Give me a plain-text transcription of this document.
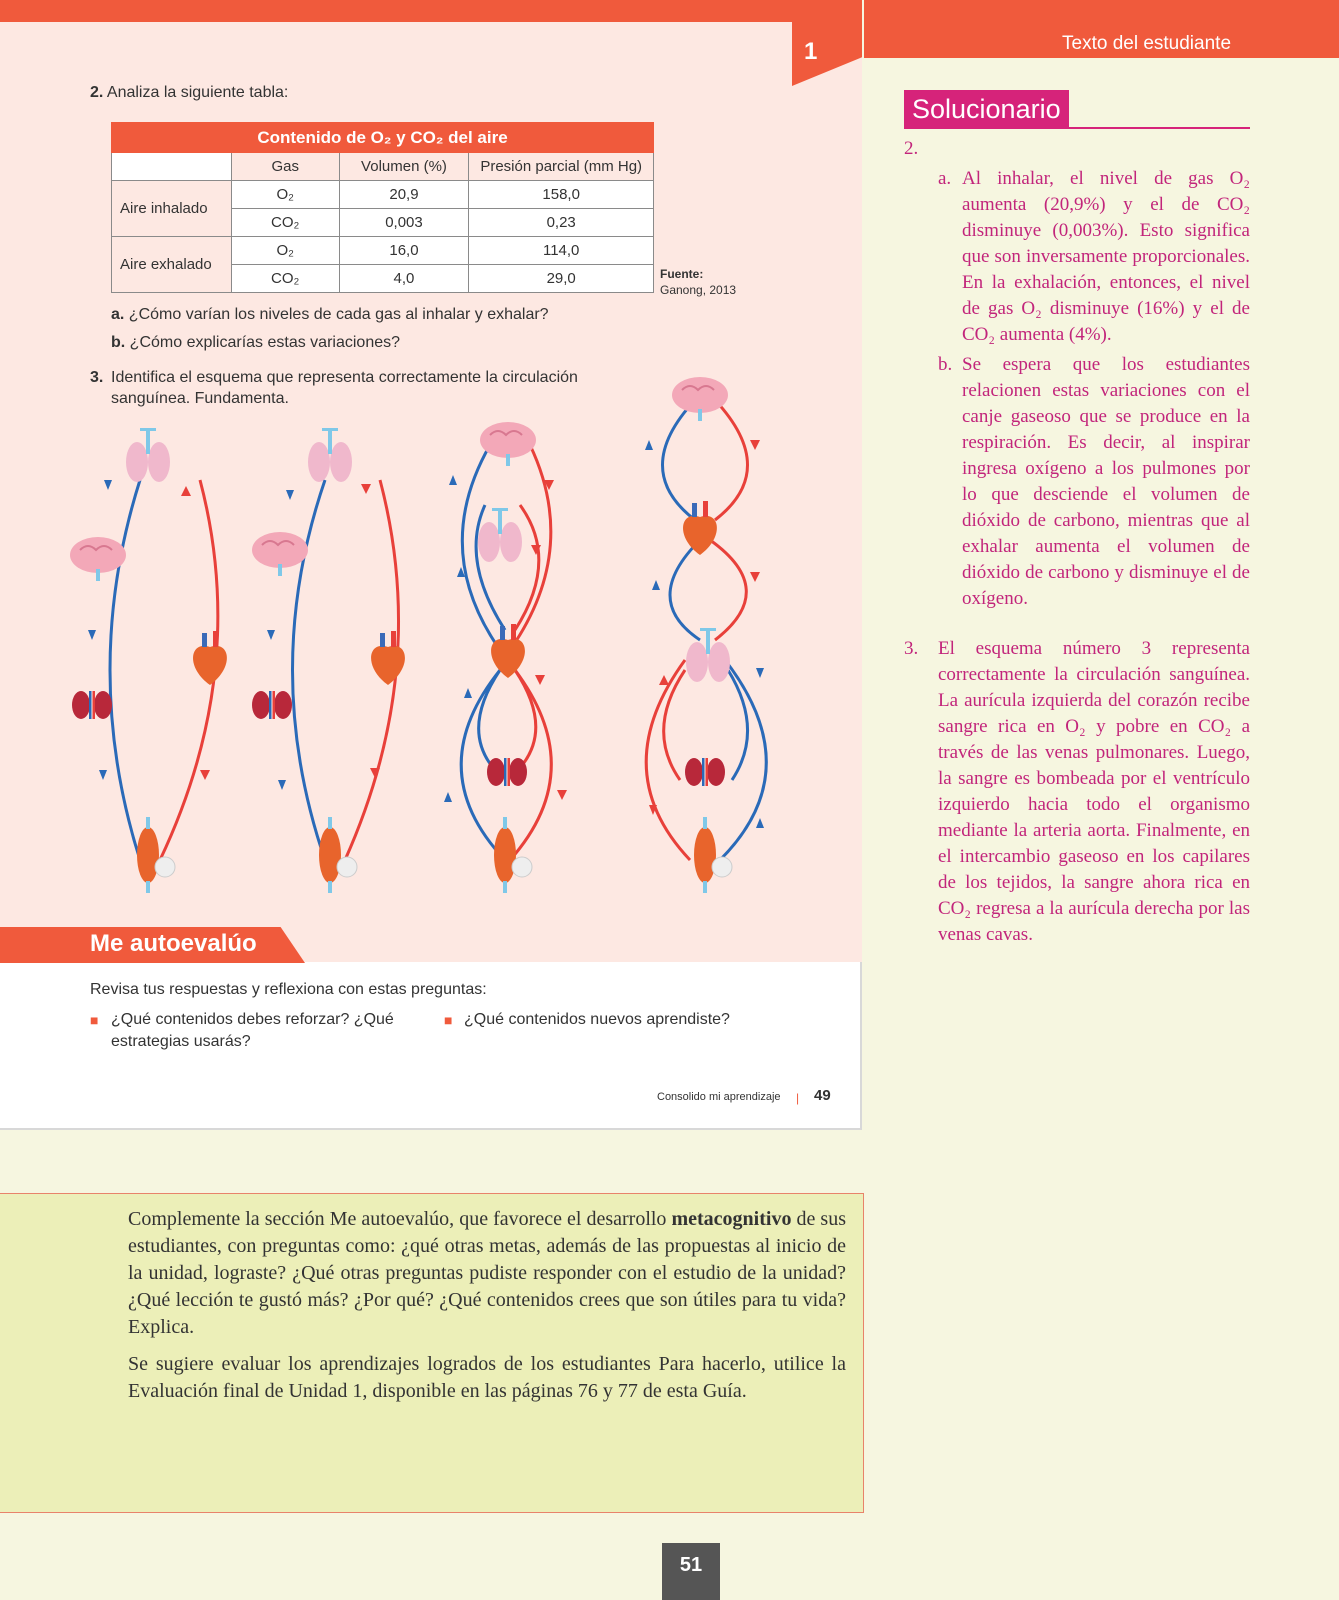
1
2. Analiza la siguiente tabla:
Contenido de O₂ y CO₂ del aire			
	Gas	Volumen (%)	Presión parcial (mm Hg)
Aire inhalado	O₂	20,9	158,0
	CO₂	0,003	0,23
Aire exhalado	O₂	16,0	114,0
	CO₂	4,0	29,0	Fuente:
Ganong, 2013
a. ¿Cómo varían los niveles de cada gas al inhalar y exhalar?
b. ¿Cómo explicarías estas variaciones?
3. Identifica el esquema que representa correctamente la circulación
sanguínea. Fundamenta.
Me autoevalúo
Revisa tus respuestas y reflexiona con estas preguntas:
■ ¿Qué contenidos debes reforzar? ¿Qué
estrategias usarás?
■ ¿Qué contenidos nuevos aprendiste?
Consolido mi aprendizaje | 49
Texto del estudiante
Solucionario
2.
a. Al inhalar, el nivel de gas O₂ aumenta (20,9%) y el de CO₂ disminuye (0,003%). Esto significa que son inversamente proporcionales. En la exhalación, entonces, el nivel de gas O₂ disminuye (16%) y el de CO₂ aumenta (4%).
b. Se espera que los estudiantes relacionen estas variaciones con el canje gaseoso que se produce en la respiración. Es decir, al inspirar ingresa oxígeno a los pulmones por lo que desciende el volumen de dióxido de carbono, mientras que al exhalar aumenta el volumen de dióxido de carbono y disminuye el de oxígeno.
3. El esquema número 3 representa correctamente la circulación sanguínea. La aurícula izquierda del corazón recibe sangre rica en O₂ y pobre en CO₂ a través de las venas pulmonares. Luego, la sangre es bombeada por el ventrículo izquierdo hacia todo el organismo mediante la arteria aorta. Finalmente, en el intercambio gaseoso en los capilares de los tejidos, la sangre ahora rica en CO₂ regresa a la aurícula derecha por las venas cavas.
Complemente la sección Me autoevalúo, que favorece el desarrollo metacognitivo de sus estudiantes, con preguntas como: ¿qué otras metas, además de las propuestas al inicio de la unidad, lograste? ¿Qué otras preguntas pudiste responder con el estudio de la unidad? ¿Qué lección te gustó más? ¿Por qué? ¿Qué contenidos crees que son útiles para tu vida? Explica.
Se sugiere evaluar los aprendizajes logrados de los estudiantes Para hacerlo, utilice la Evaluación final de Unidad 1, disponible en las páginas 76 y 77 de esta Guía.
51
